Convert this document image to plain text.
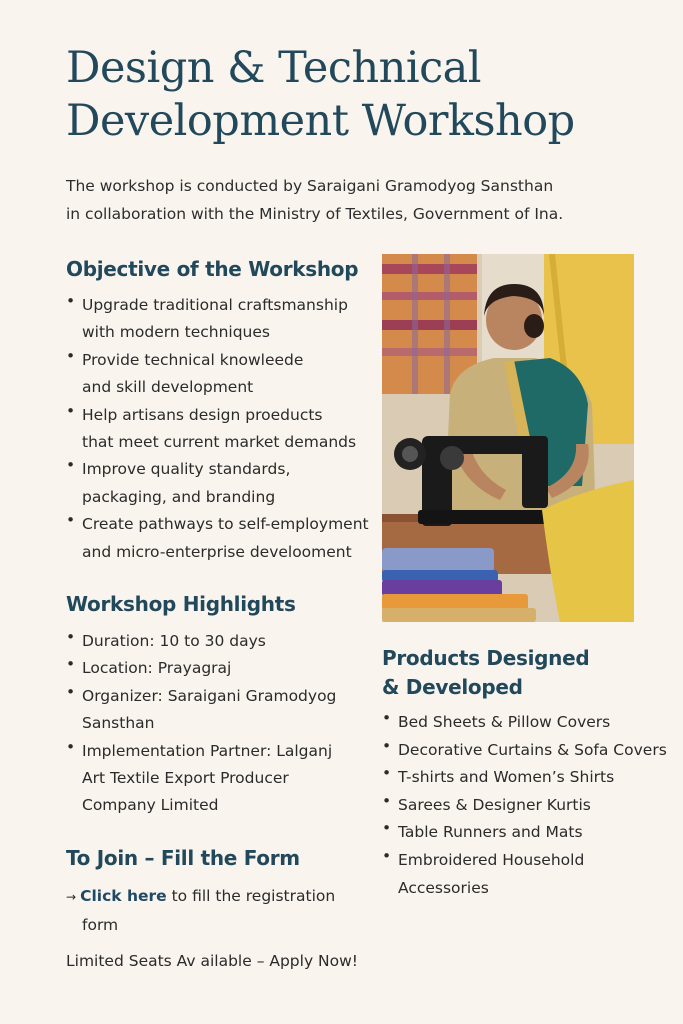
Design & Technical
Development Workshop
The workshop is conducted by Saraigani Gramodyog Sansthan
in collaboration with the Ministry of Textiles, Government of Ina.
Objective of the Workshop
• Upgrade traditional craftsmanship
with modern techniques
• Provide technical knowleede
and skill development
• Help artisans design proeducts
that meet current market demands
• Improve quality standards,
packaging, and branding
• Create pathways to self-employment
and micro-enterprise develooment
Workshop Highlights
• Duration: 10 to 30 days
• Location: Prayagraj
• Organizer: Saraigani Gramodyog
Sansthan
• Implementation Partner: Lalganj
Art Textile Export Producer
Company Limited
To Join – Fill the Form
→ Click here to fill the registration
form
Limited Seats Av ailable – Apply Now!
Products Designed
& Developed
• Bed Sheets & Pillow Covers
• Decorative Curtains & Sofa Covers
• T-shirts and Women’s Shirts
• Sarees & Designer Kurtis
• Table Runners and Mats
• Embroidered Household
Accessories
